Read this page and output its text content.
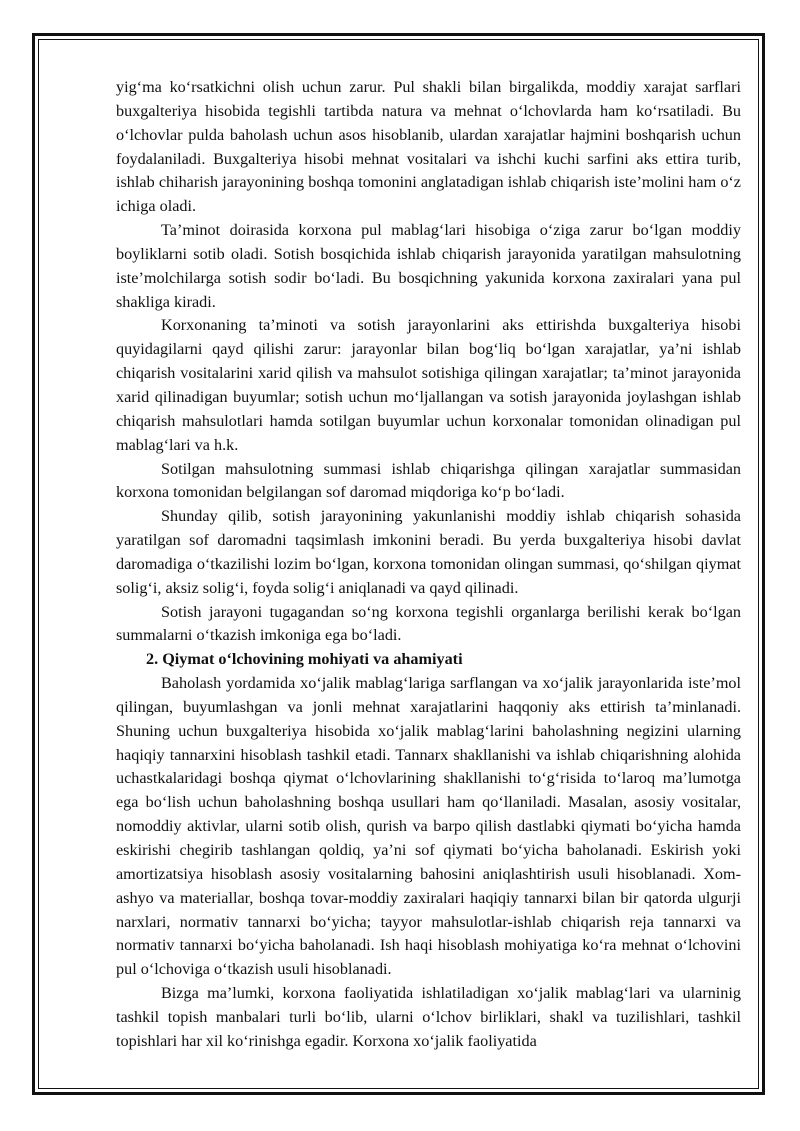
yig‘ma ko‘rsatkichni olish uchun zarur. Pul shakli bilan birgalikda, moddiy xarajat sarflari buxgalteriya hisobida tegishli tartibda natura va mehnat o‘lchovlarda ham ko‘rsatiladi. Bu o‘lchovlar pulda baholash uchun asos hisoblanib, ulardan xarajatlar hajmini boshqarish uchun foydalaniladi. Buxgalteriya hisobi mehnat vositalari va ishchi kuchi sarfini aks ettira turib, ishlab chiharish jarayonining boshqa tomonini anglatadigan ishlab chiqarish iste’molini ham o‘z ichiga oladi.

Ta’minot doirasida korxona pul mablag‘lari hisobiga o‘ziga zarur bo‘lgan moddiy boyliklarni sotib oladi. Sotish bosqichida ishlab chiqarish jarayonida yaratilgan mahsulotning iste’molchilarga sotish sodir bo‘ladi. Bu bosqichning yakunida korxona zaxiralari yana pul shakliga kiradi.

Korxonaning ta’minoti va sotish jarayonlarini aks ettirishda buxgalteriya hisobi quyidagilarni qayd qilishi zarur: jarayonlar bilan bog‘liq bo‘lgan xarajatlar, ya’ni ishlab chiqarish vositalarini xarid qilish va mahsulot sotishiga qilingan xarajatlar; ta’minot jarayonida xarid qilinadigan buyumlar; sotish uchun mo‘ljallangan va sotish jarayonida joylashgan ishlab chiqarish mahsulotlari hamda sotilgan buyumlar uchun korxonalar tomonidan olinadigan pul mablag‘lari va h.k.

Sotilgan mahsulotning summasi ishlab chiqarishga qilingan xarajatlar summasidan korxona tomonidan belgilangan sof daromad miqdoriga ko‘p bo‘ladi.

Shunday qilib, sotish jarayonining yakunlanishi moddiy ishlab chiqarish sohasida yaratilgan sof daromadni taqsimlash imkonini beradi. Bu yerda buxgalteriya hisobi davlat daromadiga o‘tkazilishi lozim bo‘lgan, korxona tomonidan olingan summasi, qo‘shilgan qiymat solig‘i, aksiz solig‘i, foyda solig‘i aniqlanadi va qayd qilinadi.

Sotish jarayoni tugagandan so‘ng korxona tegishli organlarga berilishi kerak bo‘lgan summalarni o‘tkazish imkoniga ega bo‘ladi.

2. Qiymat o‘lchovining mohiyati va ahamiyati

Baholash yordamida xo‘jalik mablag‘lariga sarflangan va xo‘jalik jarayonlarida iste’mol qilingan, buyumlashgan va jonli mehnat xarajatlarini haqqoniy aks ettirish ta’minlanadi. Shuning uchun buxgalteriya hisobida xo‘jalik mablag‘larini baholashning negizini ularning haqiqiy tannarxini hisoblash tashkil etadi. Tannarx shakllanishi va ishlab chiqarishning alohida uchastkalaridagi boshqa qiymat o‘lchovlarining shakllanishi to‘g‘risida to‘laroq ma’lumotga ega bo‘lish uchun baholashning boshqa usullari ham qo‘llaniladi. Masalan, asosiy vositalar, nomoddiy aktivlar, ularni sotib olish, qurish va barpo qilish dastlabki qiymati bo‘yicha hamda eskirishi chegirib tashlangan qoldiq, ya’ni sof qiymati bo‘yicha baholanadi. Eskirish yoki amortizatsiya hisoblash asosiy vositalarning bahosini aniqlashtirish usuli hisoblanadi. Xom-ashyo va materiallar, boshqa tovar-moddiy zaxiralari haqiqiy tannarxi bilan bir qatorda ulgurji narxlari, normativ tannarxi bo‘yicha; tayyor mahsulotlar-ishlab chiqarish reja tannarxi va normativ tannarxi bo‘yicha baholanadi. Ish haqi hisoblash mohiyatiga ko‘ra mehnat o‘lchovini pul o‘lchoviga o‘tkazish usuli hisoblanadi.

Bizga ma’lumki, korxona faoliyatida ishlatiladigan xo‘jalik mablag‘lari va ularninig tashkil topish manbalari turli bo‘lib, ularni o‘lchov birliklari, shakl va tuzilishlari, tashkil topishlari har xil ko‘rinishga egadir. Korxona xo‘jalik faoliyatida
